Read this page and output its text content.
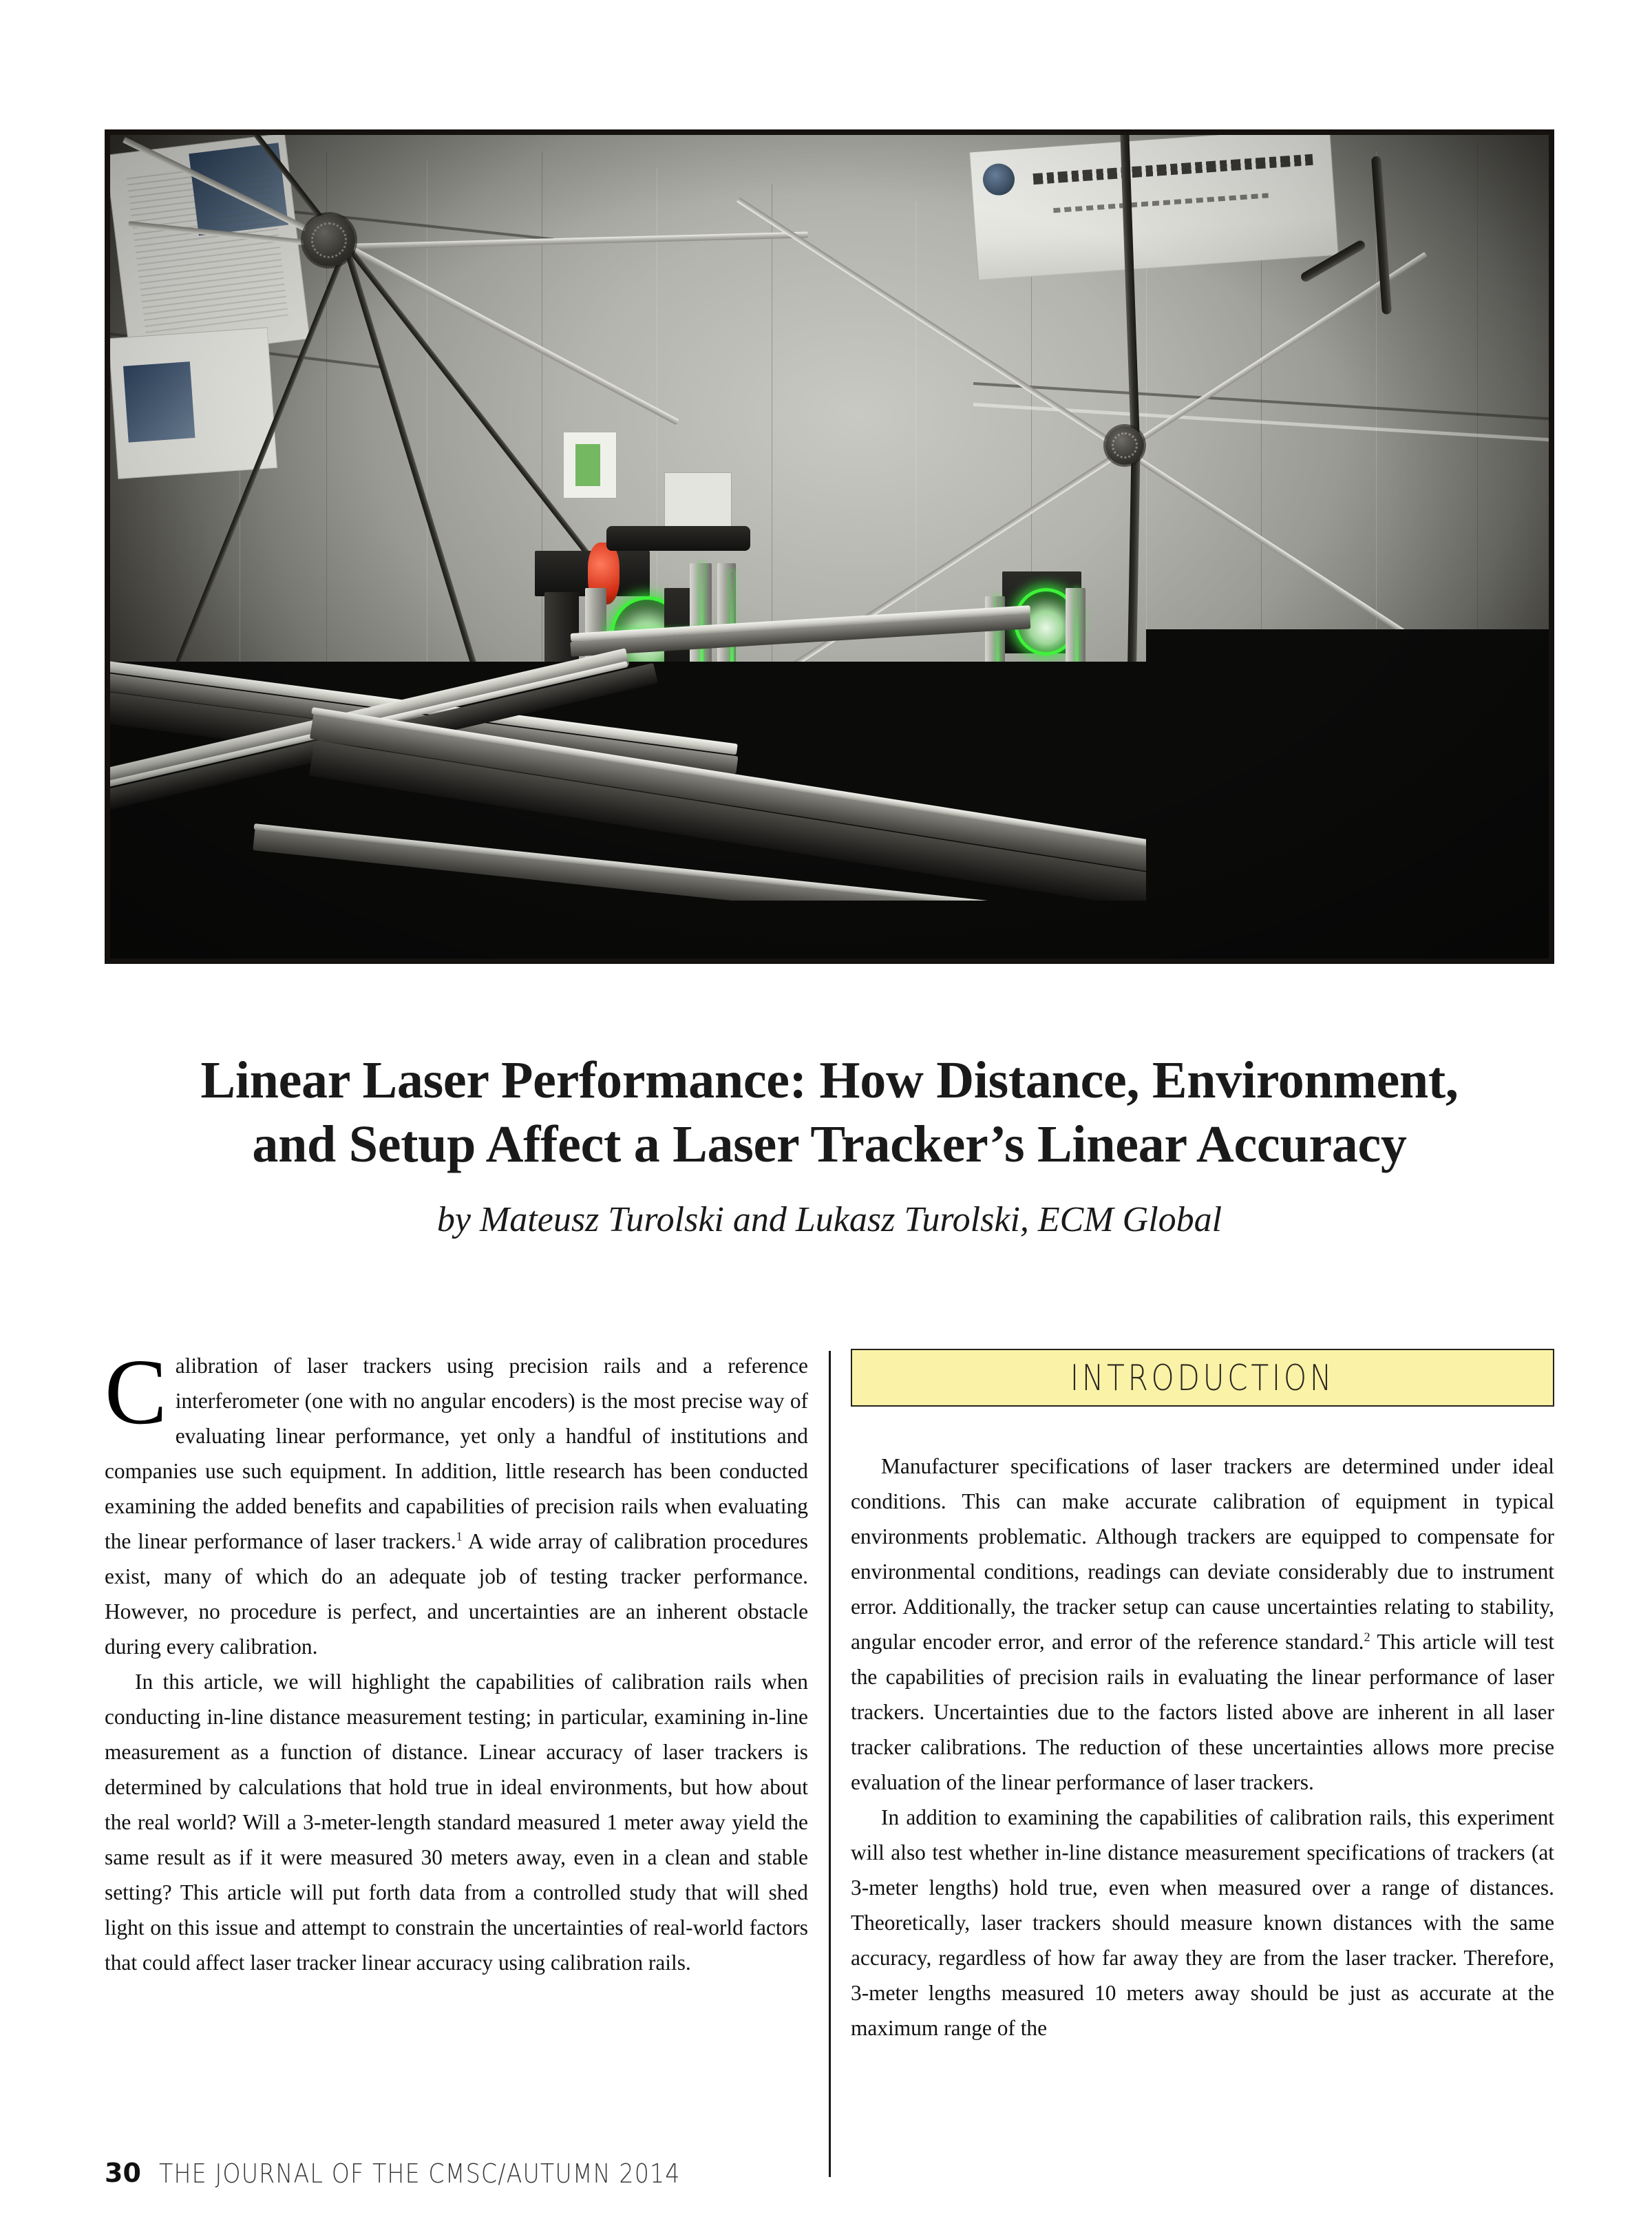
Linear Laser Performance: How Distance, Environment,
and Setup Affect a Laser Tracker’s Linear Accuracy
by Mateusz Turolski and Lukasz Turolski, ECM Global

Calibration of laser trackers using precision rails and a reference interferometer (one with no angular encoders) is the most precise way of evaluating linear performance, yet only a handful of institutions and companies use such equipment. In addition, little research has been conducted examining the added benefits and capabilities of precision rails when evaluating the linear performance of laser trackers.$^1$ A wide array of calibration procedures exist, many of which do an adequate job of testing tracker performance. However, no procedure is perfect, and uncertainties are an inherent obstacle during every calibration.

In this article, we will highlight the capabilities of calibration rails when conducting in-line distance measurement testing; in particular, examining in-line measurement as a function of distance. Linear accuracy of laser trackers is determined by calculations that hold true in ideal environments, but how about the real world? Will a 3-meter-length standard measured 1 meter away yield the same result as if it were measured 30 meters away, even in a clean and stable setting? This article will put forth data from a controlled study that will shed light on this issue and attempt to constrain the uncertainties of real-world factors that could affect laser tracker linear accuracy using calibration rails.

INTRODUCTION

Manufacturer specifications of laser trackers are determined under ideal conditions. This can make accurate calibration of equipment in typical environments problematic. Although trackers are equipped to compensate for environmental conditions, readings can deviate considerably due to instrument error. Additionally, the tracker setup can cause uncertainties relating to stability, angular encoder error, and error of the reference standard.$^2$ This article will test the capabilities of precision rails in evaluating the linear performance of laser trackers. Uncertainties due to the factors listed above are inherent in all laser tracker calibrations. The reduction of these uncertainties allows more precise evaluation of the linear performance of laser trackers.

In addition to examining the capabilities of calibration rails, this experiment will also test whether in-line distance measurement specifications of trackers (at 3-meter lengths) hold true, even when measured over a range of distances. Theoretically, laser trackers should measure known distances with the same accuracy, regardless of how far away they are from the laser tracker. Therefore, 3-meter lengths measured 10 meters away should be just as accurate at the maximum range of the

30 THE JOURNAL OF THE CMSC/AUTUMN 2014
